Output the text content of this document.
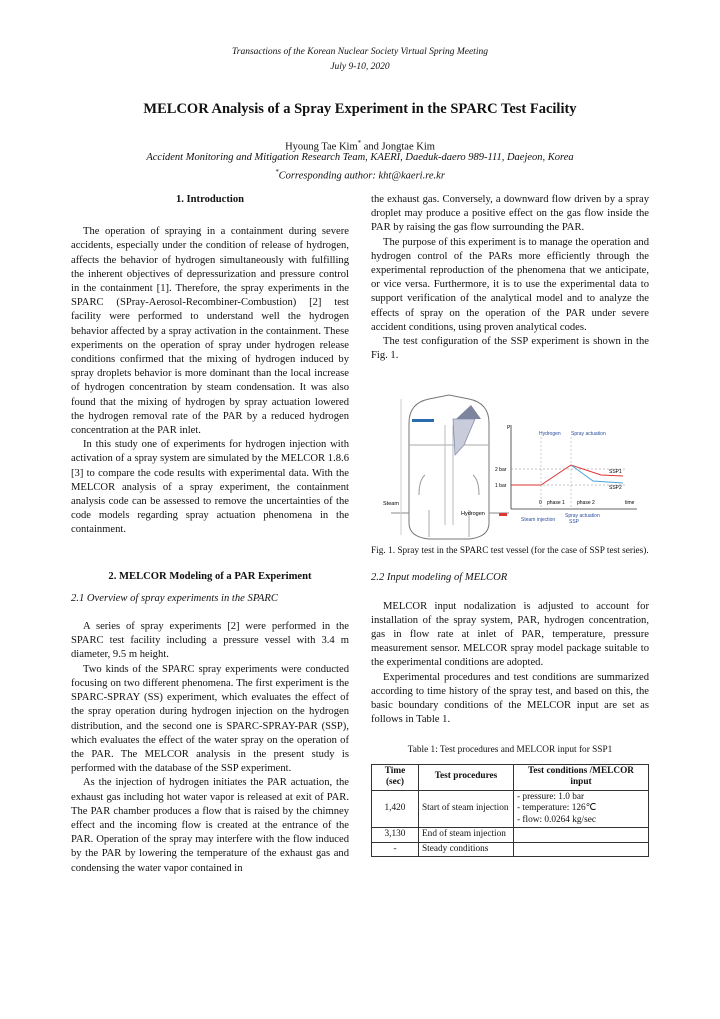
Transactions of the Korean Nuclear Society Virtual Spring Meeting
July 9-10, 2020
MELCOR Analysis of a Spray Experiment in the SPARC Test Facility
Hyoung Tae Kim* and Jongtae Kim
Accident Monitoring and Mitigation Research Team, KAERI, Daeduk-daero 989-111, Daejeon, Korea
*Corresponding author: kht@kaeri.re.kr

1. Introduction

The operation of spraying in a containment during severe accidents, especially under the condition of release of hydrogen, affects the behavior of hydrogen simultaneously with fulfilling the inherent objectives of depressurization and pressure control in the containment [1]. Therefore, the spray experiments in the SPARC (SPray-Aerosol-Recombiner-Combustion) [2] test facility were performed to understand well the hydrogen behavior affected by a spray activation in the containment. These experiments on the operation of spray under hydrogen release conditions confirmed that the mixing of hydrogen induced by spray droplets behavior is more dominant than the local increase of hydrogen concentration by steam condensation. It was also found that the mixing of hydrogen by spray actuation lowered the hydrogen removal rate of the PAR by a reduced hydrogen concentration at the PAR inlet.

In this study one of experiments for hydrogen injection with activation of a spray system are simulated by the MELCOR 1.8.6 [3] to compare the code results with experimental data. With the MELCOR analysis of a spray experiment, the containment analysis code can be assessed to remove the uncertainties of the code models regarding spray actuation phenomena in the containment.

2. MELCOR Modeling of a PAR Experiment

2.1 Overview of spray experiments in the SPARC

A series of spray experiments [2] were performed in the SPARC test facility including a pressure vessel with 3.4 m diameter, 9.5 m height.

Two kinds of the SPARC spray experiments were conducted focusing on two different phenomena. The first experiment is the SPARC-SPRAY (SS) experiment, which evaluates the effect of the spray operation during hydrogen injection on the hydrogen distribution, and the second one is SPARC-SPRAY-PAR (SSP), which evaluates the effect of the water spray on the operation of the PAR. The MELCOR analysis in the present study is performed with the database of the SSP experiment.

As the injection of hydrogen initiates the PAR actuation, the exhaust gas including hot water vapor is released at exit of PAR. The PAR chamber produces a flow that is raised by the chimney effect and the incoming flow is created at the entrance of the PAR. Operation of the spray may interfere with the flow induced by the PAR by lowering the temperature of the exhaust gas and condensing the water vapor contained in

the exhaust gas. Conversely, a downward flow driven by a spray droplet may produce a positive effect on the gas flow inside the PAR by raising the gas flow surrounding the PAR.

The purpose of this experiment is to manage the operation and hydrogen control of the PARs more efficiently through the experimental reproduction of the phenomena that we anticipate, or vice versa. Furthermore, it is to use the experimental data to support verification of the analytical model and to analyze the effects of spray on the operation of the PAR under severe accident conditions, using proven analytical codes.

The test configuration of the SSP experiment is shown in the Fig. 1.

Steam
Hydrogen
P
2 bar
1 bar
Hydrogen Spray actuation
SSP1
SSP2
0 phase 1 phase 2	time
Steam injection
Spray actuation
SSP

Fig. 1. Spray test in the SPARC test vessel (for the case of SSP test series).

2.2 Input modeling of MELCOR

MELCOR input nodalization is adjusted to account for installation of the spray system, PAR, hydrogen concentration, gas in flow rate at inlet of PAR, temperature, pressure measurement sensor. MELCOR spray model package suitable to the experimental conditions are adopted.

Experimental procedures and test conditions are summarized according to time history of the spray test, and based on this, the basic boundary conditions of the MELCOR input are set as follows in Table 1.

Table 1: Test procedures and MELCOR input for SSP1

Time (sec)	Test procedures	Test conditions /MELCOR input
1,420	Start of steam injection	- pressure: 1.0 bar
- temperature: 126℃
- flow: 0.0264 kg/sec

3,130	End of steam injection	
-	Steady conditions	
